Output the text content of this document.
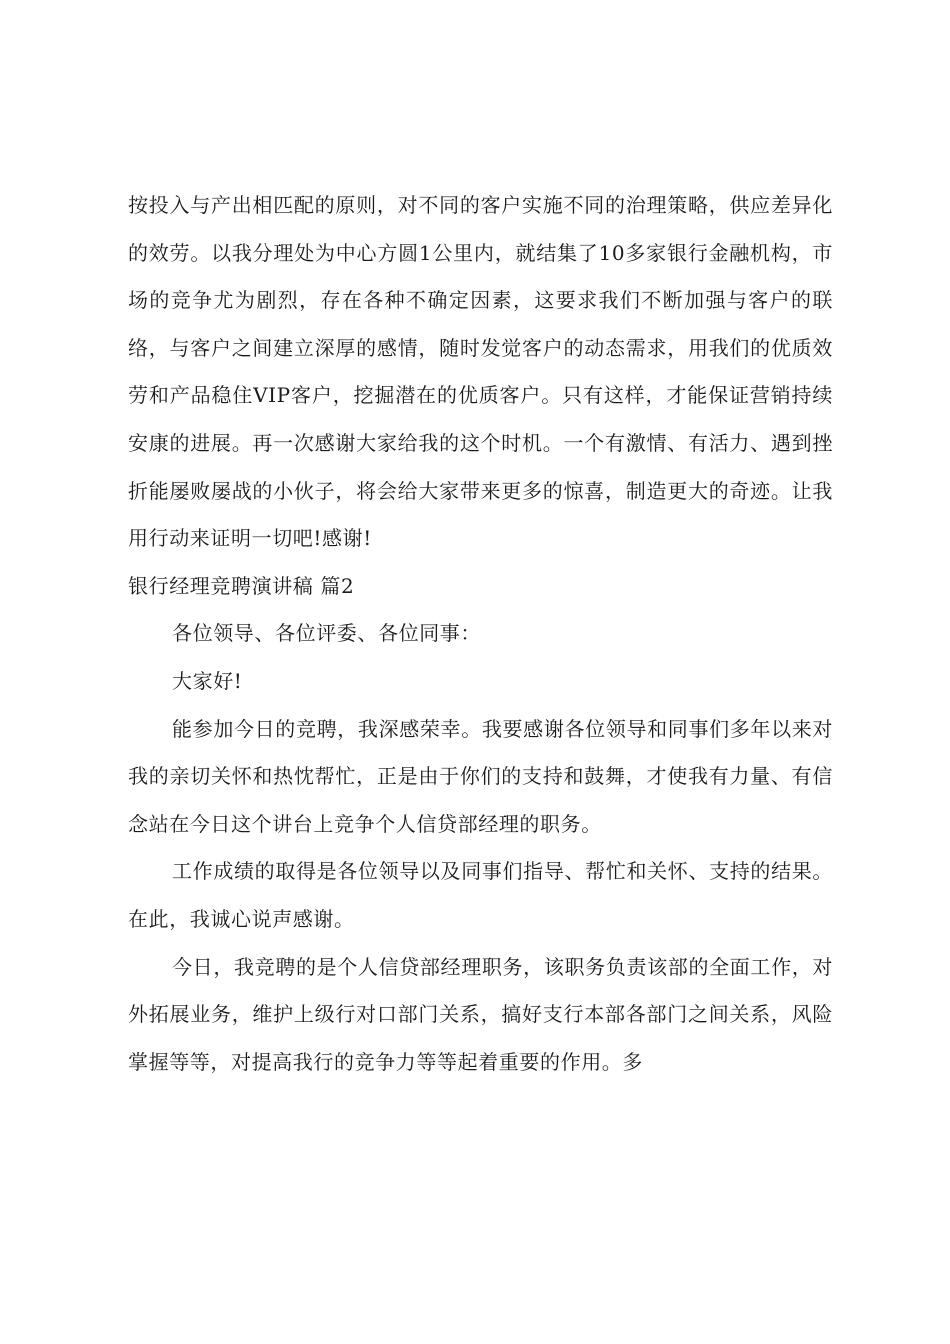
按投入与产出相匹配的原则，对不同的客户实施不同的治理策略，供应差异化的效劳。以我分理处为中心方圆1公里内，就结集了10多家银行金融机构，市场的竞争尤为剧烈，存在各种不确定因素，这要求我们不断加强与客户的联络，与客户之间建立深厚的感情，随时发觉客户的动态需求，用我们的优质效劳和产品稳住VIP客户，挖掘潜在的优质客户。只有这样，才能保证营销持续安康的进展。再一次感谢大家给我的这个时机。一个有激情、有活力、遇到挫折能屡败屡战的小伙子，将会给大家带来更多的惊喜，制造更大的奇迹。让我用行动来证明一切吧!感谢!

银行经理竞聘演讲稿 篇2

各位领导、各位评委、各位同事：

大家好!

能参加今日的竞聘，我深感荣幸。我要感谢各位领导和同事们多年以来对我的亲切关怀和热忱帮忙，正是由于你们的支持和鼓舞，才使我有力量、有信念站在今日这个讲台上竞争个人信贷部经理的职务。

工作成绩的取得是各位领导以及同事们指导、帮忙和关怀、支持的结果。在此，我诚心说声感谢。

今日，我竞聘的是个人信贷部经理职务，该职务负责该部的全面工作，对外拓展业务，维护上级行对口部门关系，搞好支行本部各部门之间关系，风险掌握等等，对提高我行的竞争力等等起着重要的作用。多
